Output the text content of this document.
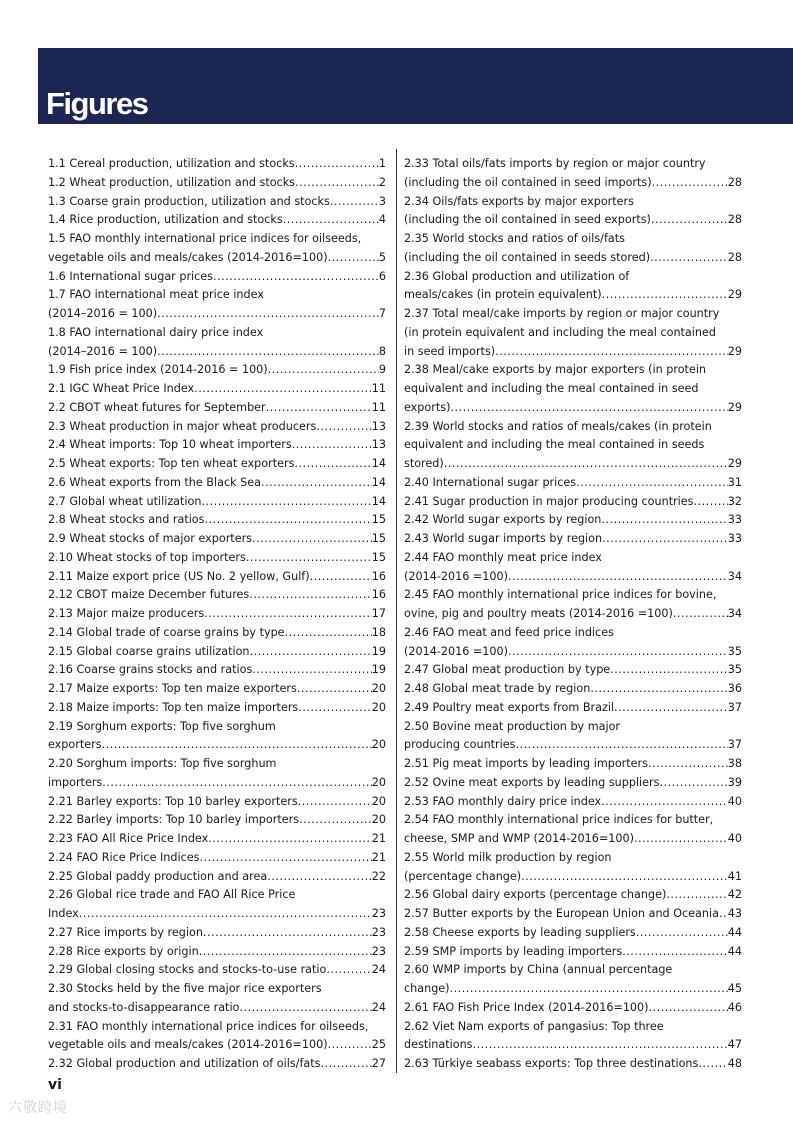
Figures
1.1 Cereal production, utilization and stocks .....	1
1.2 Wheat production, utilization and stocks .....	2
1.3 Coarse grain production, utilization and stocks .....	3
1.4 Rice production, utilization and stocks .....	4
1.5 FAO monthly international price indices for oilseeds,
vegetable oils and meals/cakes (2014-2016=100) .....	5
1.6 International sugar prices .....	6
1.7 FAO international meat price index
(2014–2016 = 100) .....	7
1.8 FAO international dairy price index
(2014–2016 = 100) .....	8
1.9 Fish price index (2014-2016 = 100) .....	9
2.1 IGC Wheat Price Index .....	11
2.2 CBOT wheat futures for September .....	11
2.3 Wheat production in major wheat producers .....	13
2.4 Wheat imports: Top 10 wheat importers .....	13
2.5 Wheat exports: Top ten wheat exporters .....	14
2.6 Wheat exports from the Black Sea .....	14
2.7 Global wheat utilization .....	14
2.8 Wheat stocks and ratios .....	15
2.9 Wheat stocks of major exporters .....	15
2.10 Wheat stocks of top importers .....	15
2.11 Maize export price (US No. 2 yellow, Gulf) .....	16
2.12 CBOT maize December futures .....	16
2.13 Major maize producers .....	17
2.14 Global trade of coarse grains by type .....	18
2.15 Global coarse grains utilization .....	19
2.16 Coarse grains stocks and ratios .....	19
2.17 Maize exports: Top ten maize exporters .....	20
2.18 Maize imports: Top ten maize importers .....	20
2.19 Sorghum exports: Top five sorghum
exporters .....	20
2.20 Sorghum imports: Top five sorghum
importers .....	20
2.21 Barley exports: Top 10 barley exporters .....	20
2.22 Barley imports: Top 10 barley importers .....	20
2.23 FAO All Rice Price Index .....	21
2.24 FAO Rice Price Indices .....	21
2.25 Global paddy production and area .....	22
2.26 Global rice trade and FAO All Rice Price
Index .....	23
2.27 Rice imports by region .....	23
2.28 Rice exports by origin .....	23
2.29 Global closing stocks and stocks-to-use ratio .....	24
2.30 Stocks held by the five major rice exporters
and stocks-to-disappearance ratio .....	24
2.31 FAO monthly international price indices for oilseeds,
vegetable oils and meals/cakes (2014-2016=100) .....	25
2.32 Global production and utilization of oils/fats .....	27
2.33 Total oils/fats imports by region or major country
(including the oil contained in seed imports) .....	28
2.34 Oils/fats exports by major exporters
(including the oil contained in seed exports) .....	28
2.35 World stocks and ratios of oils/fats
(including the oil contained in seeds stored) .....	28
2.36 Global production and utilization of
meals/cakes (in protein equivalent) .....	29
2.37 Total meal/cake imports by region or major country
(in protein equivalent and including the meal contained
in seed imports) .....	29
2.38 Meal/cake exports by major exporters (in protein
equivalent and including the meal contained in seed
exports) .....	29
2.39 World stocks and ratios of meals/cakes (in protein
equivalent and including the meal contained in seeds
stored) .....	29
2.40 International sugar prices .....	31
2.41 Sugar production in major producing countries .....	32
2.42 World sugar exports by region .....	33
2.43 World sugar imports by region .....	33
2.44 FAO monthly meat price index
(2014-2016 =100) .....	34
2.45 FAO monthly international price indices for bovine,
ovine, pig and poultry meats (2014-2016 =100) .....	34
2.46 FAO meat and feed price indices
(2014-2016 =100) .....	35
2.47 Global meat production by type .....	35
2.48 Global meat trade by region .....	36
2.49 Poultry meat exports from Brazil .....	37
2.50 Bovine meat production by major
producing countries .....	37
2.51 Pig meat imports by leading importers .....	38
2.52 Ovine meat exports by leading suppliers .....	39
2.53 FAO monthly dairy price index .....	40
2.54 FAO monthly international price indices for butter,
cheese, SMP and WMP (2014-2016=100) .....	40
2.55 World milk production by region
(percentage change) .....	41
2.56 Global dairy exports (percentage change) .....	42
2.57 Butter exports by the European Union and Oceania ..... 43
2.58 Cheese exports by leading suppliers .....	44
2.59 SMP imports by leading importers .....	44
2.60 WMP imports by China (annual percentage
change) .....	45
2.61 FAO Fish Price Index (2014-2016=100) .....	46
2.62 Viet Nam exports of pangasius: Top three
destinations .....	47
2.63 Türkiye seabass exports: Top three destinations .....	48
vi
六敬跨境
